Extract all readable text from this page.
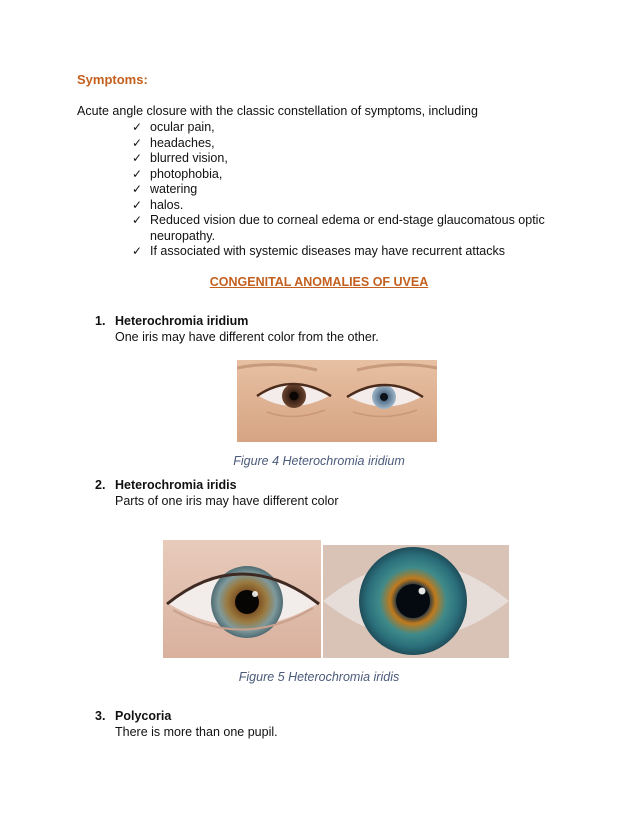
Symptoms:
Acute angle closure with the classic constellation of symptoms, including
✓ ocular pain,
✓ headaches,
✓ blurred vision,
✓ photophobia,
✓ watering
✓ halos.
✓ Reduced vision due to corneal edema or end-stage glaucomatous optic neuropathy.
✓ If associated with systemic diseases may have recurrent attacks
CONGENITAL ANOMALIES OF UVEA
1. Heterochromia iridium
One iris may have different color from the other.
Figure 4 Heterochromia iridium
2. Heterochromia iridis
Parts of one iris may have different color
Figure 5 Heterochromia iridis
3. Polycoria
There is more than one pupil.
